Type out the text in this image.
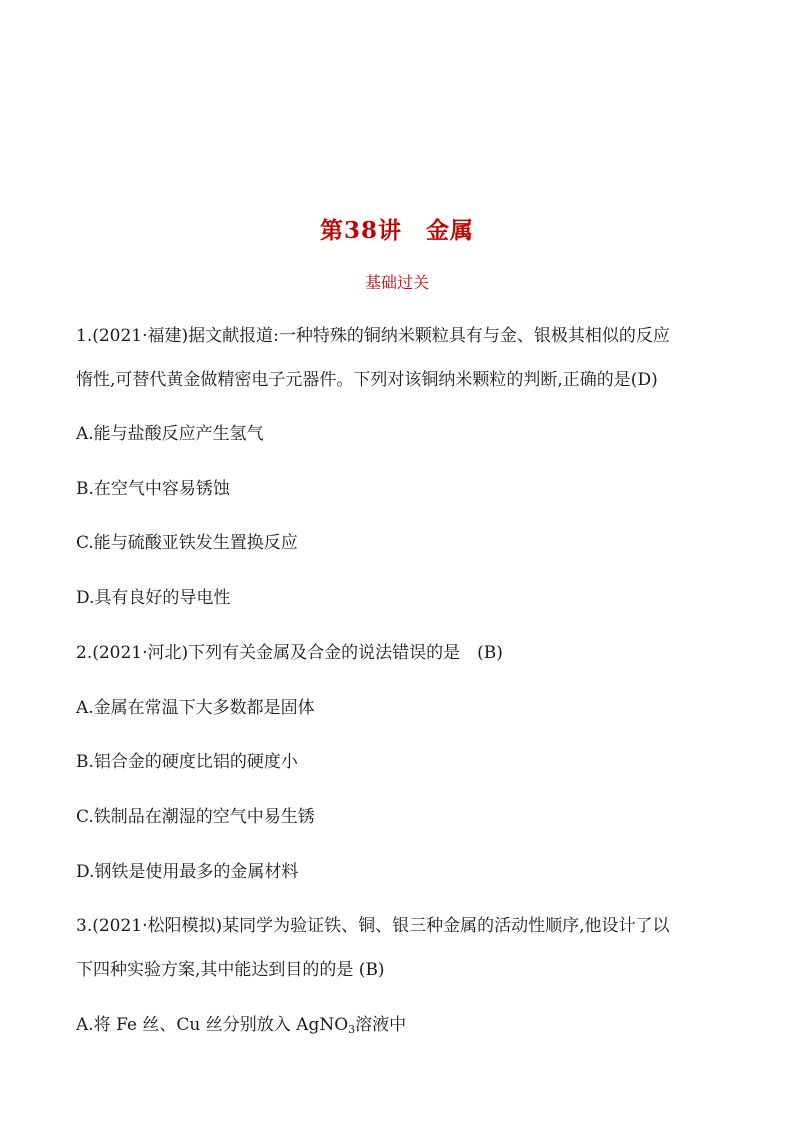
第38讲　金属
基础过关
1.(2021·福建)据文献报道:一种特殊的铜纳米颗粒具有与金、银极其相似的反应
惰性,可替代黄金做精密电子元器件。下列对该铜纳米颗粒的判断,正确的是(D)
A.能与盐酸反应产生氢气
B.在空气中容易锈蚀
C.能与硫酸亚铁发生置换反应
D.具有良好的导电性
2.(2021·河北)下列有关金属及合金的说法错误的是　(B)
A.金属在常温下大多数都是固体
B.铝合金的硬度比铝的硬度小
C.铁制品在潮湿的空气中易生锈
D.钢铁是使用最多的金属材料
3.(2021·松阳模拟)某同学为验证铁、铜、银三种金属的活动性顺序,他设计了以
下四种实验方案,其中能达到目的的是 (B)
A.将 Fe 丝、Cu 丝分别放入 AgNO$_3$溶液中
